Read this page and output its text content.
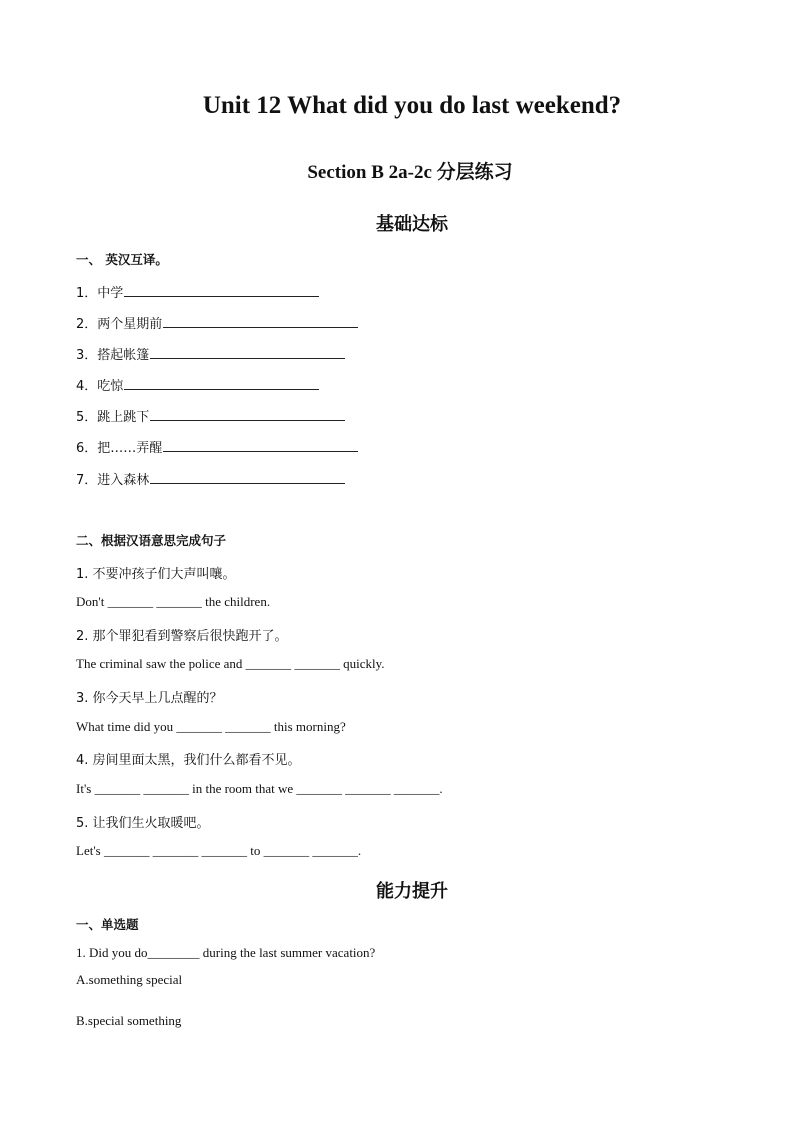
Unit 12 What did you do last weekend?
Section B 2a-2c 分层练习
基础达标
一、 英汉互译。
1．中学
2．两个星期前
3．搭起帐篷
4．吃惊
5．跳上跳下
6．把……弄醒
7．进入森林
二、根据汉语意思完成句子
1. 不要冲孩子们大声叫嚷。
Don't _______ _______ the children.
2. 那个罪犯看到警察后很快跑开了。
The criminal saw the police and _______ _______ quickly.
3. 你今天早上几点醒的？
What time did you _______ _______ this morning?
4. 房间里面太黑，我们什么都看不见。
It's _______ _______ in the room that we _______ _______ _______.
5. 让我们生火取暖吧。
Let's _______ _______ _______ to _______ _______.
能力提升
一、单选题
1. Did you do________ during the last summer vacation?
A.something special
B.special something
